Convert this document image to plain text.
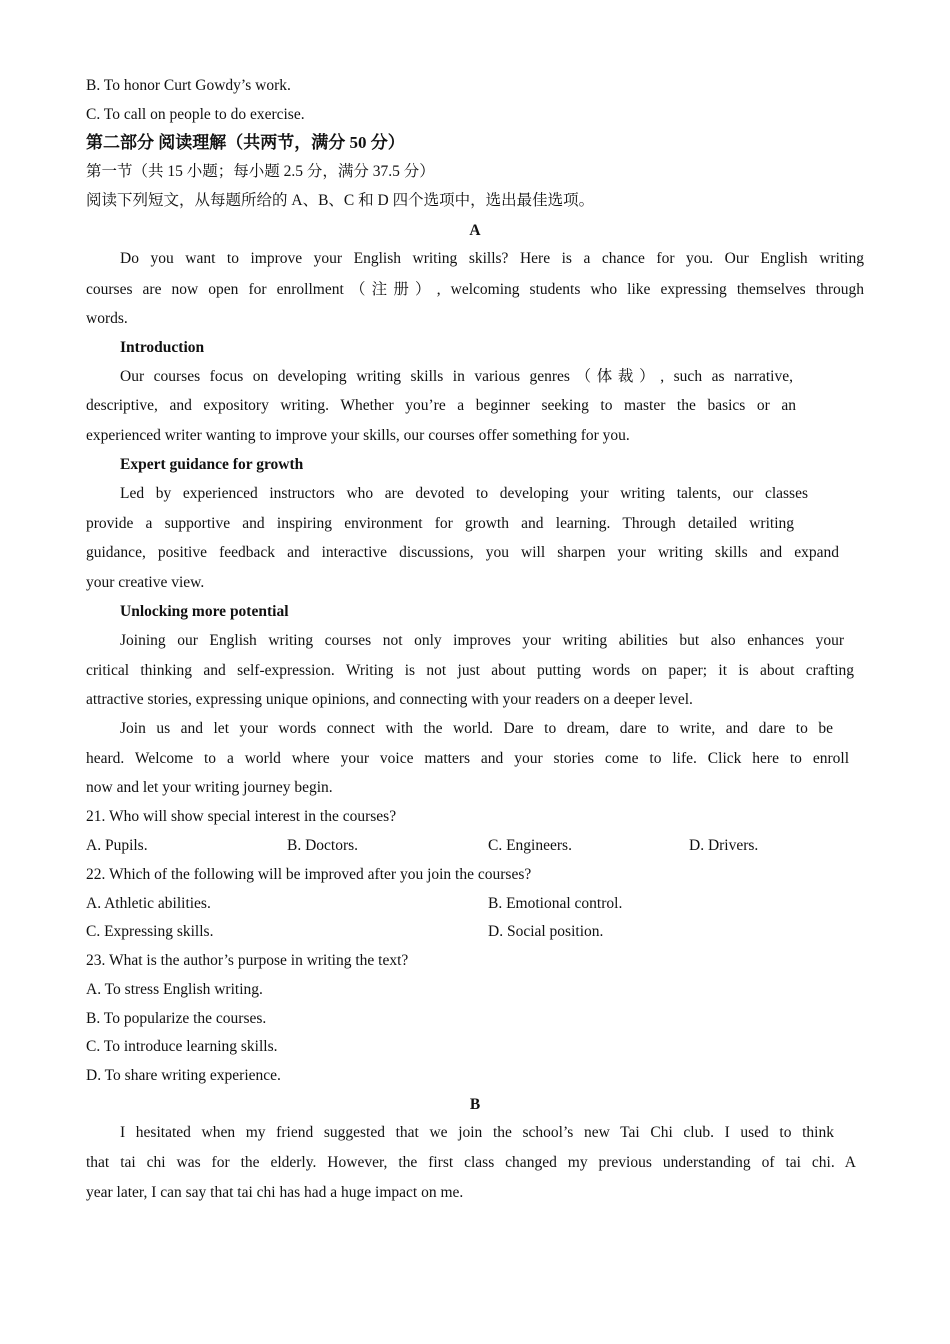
B. To honor Curt Gowdy’s work.
C. To call on people to do exercise.
第二部分 阅读理解（共两节，满分 50 分）
第一节（共 15 小题；每小题 2.5 分，满分 37.5 分）
阅读下列短文，从每题所给的 A、B、C 和 D 四个选项中，选出最佳选项。
A
Do you want to improve your English writing skills? Here is a chance for you. Our English writing
courses are now open for enrollment（注册）, welcoming students who like expressing themselves through
words.
Introduction
Our courses focus on developing writing skills in various genres（体裁）, such as narrative,
descriptive, and expository writing. Whether you’re a beginner seeking to master the basics or an
experienced writer wanting to improve your skills, our courses offer something for you.
Expert guidance for growth
Led by experienced instructors who are devoted to developing your writing talents, our classes
provide a supportive and inspiring environment for growth and learning. Through detailed writing
guidance, positive feedback and interactive discussions, you will sharpen your writing skills and expand
your creative view.
Unlocking more potential
Joining our English writing courses not only improves your writing abilities but also enhances your
critical thinking and self-expression. Writing is not just about putting words on paper; it is about crafting
attractive stories, expressing unique opinions, and connecting with your readers on a deeper level.
Join us and let your words connect with the world. Dare to dream, dare to write, and dare to be
heard. Welcome to a world where your voice matters and your stories come to life. Click here to enroll
now and let your writing journey begin.
21. Who will show special interest in the courses?
A. Pupils.	B. Doctors.	C. Engineers.	D. Drivers.
22. Which of the following will be improved after you join the courses?
A. Athletic abilities.	B. Emotional control.
C. Expressing skills.	D. Social position.
23. What is the author’s purpose in writing the text?
A. To stress English writing.
B. To popularize the courses.
C. To introduce learning skills.
D. To share writing experience.
B
I hesitated when my friend suggested that we join the school’s new Tai Chi club. I used to think
that tai chi was for the elderly. However, the first class changed my previous understanding of tai chi. A
year later, I can say that tai chi has had a huge impact on me.
